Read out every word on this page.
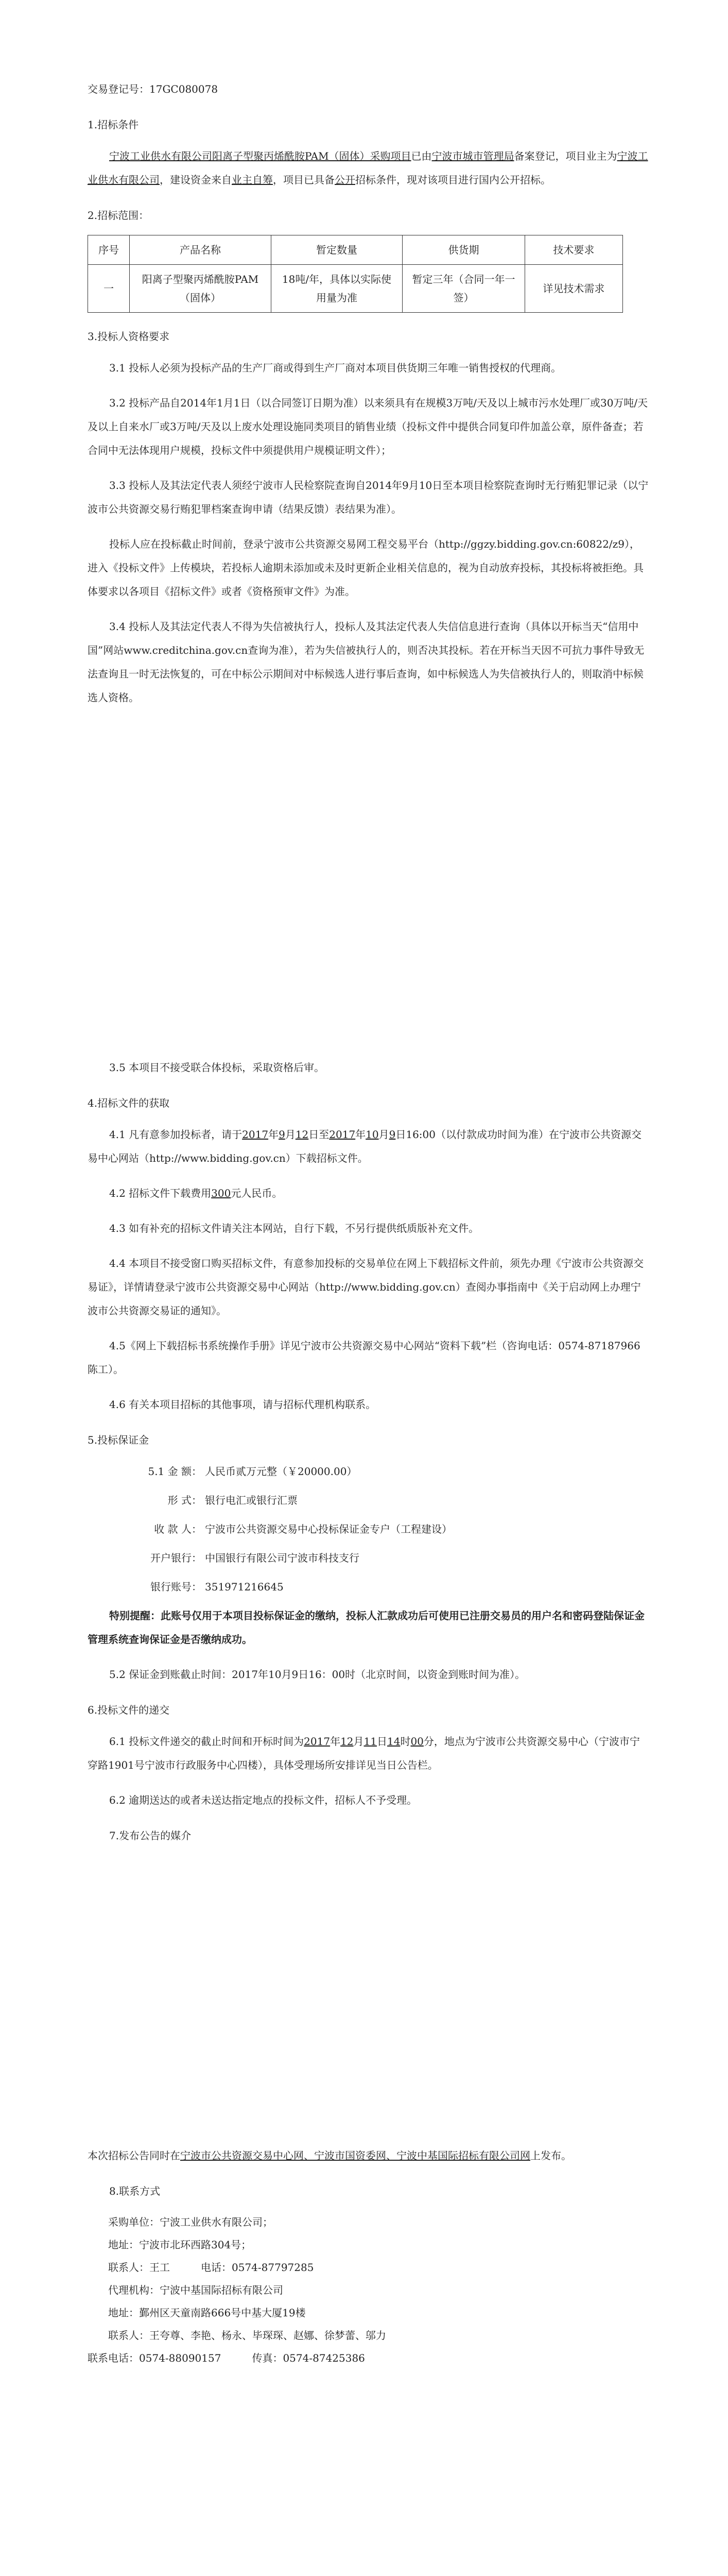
交易登记号：17GC080078

1.招标条件

宁波工业供水有限公司阳离子型聚丙烯酰胺PAM（固体）采购项目已由宁波市城市管理局备案登记，项目业主为宁波工业供水有限公司，建设资金来自业主自筹，项目已具备公开招标条件，现对该项目进行国内公开招标。

2.招标范围：

序号	产品名称	暂定数量	供货期	技术要求
一	阳离子型聚丙烯酰胺PAM（固体）	18吨/年，具体以实际使用量为准	暂定三年（合同一年一签）	详见技术需求

3.投标人资格要求

3.1 投标人必须为投标产品的生产厂商或得到生产厂商对本项目供货期三年唯一销售授权的代理商。

3.2 投标产品自2014年1月1日（以合同签订日期为准）以来须具有在规模3万吨/天及以上城市污水处理厂或30万吨/天及以上自来水厂或3万吨/天及以上废水处理设施同类项目的销售业绩（投标文件中提供合同复印件加盖公章，原件备查；若合同中无法体现用户规模，投标文件中须提供用户规模证明文件）；

3.3 投标人及其法定代表人须经宁波市人民检察院查询自2014年9月10日至本项目检察院查询时无行贿犯罪记录（以宁波市公共资源交易行贿犯罪档案查询申请（结果反馈）表结果为准）。

投标人应在投标截止时间前，登录宁波市公共资源交易网工程交易平台（http://ggzy.bidding.gov.cn:60822/z9），进入《投标文件》上传模块，若投标人逾期未添加或未及时更新企业相关信息的，视为自动放弃投标，其投标将被拒绝。具体要求以各项目《招标文件》或者《资格预审文件》为准。

3.4 投标人及其法定代表人不得为失信被执行人，投标人及其法定代表人失信信息进行查询（具体以开标当天“信用中国”网站www.creditchina.gov.cn查询为准），若为失信被执行人的，则否决其投标。若在开标当天因不可抗力事件导致无法查询且一时无法恢复的，可在中标公示期间对中标候选人进行事后查询，如中标候选人为失信被执行人的，则取消中标候选人资格。

3.5 本项目不接受联合体投标，采取资格后审。

4.招标文件的获取

4.1 凡有意参加投标者，请于2017年9月12日至2017年10月9日16:00（以付款成功时间为准）在宁波市公共资源交易中心网站（http://www.bidding.gov.cn）下载招标文件。

4.2 招标文件下载费用300元人民币。

4.3 如有补充的招标文件请关注本网站，自行下载，不另行提供纸质版补充文件。

4.4 本项目不接受窗口购买招标文件，有意参加投标的交易单位在网上下载招标文件前，须先办理《宁波市公共资源交易证》，详情请登录宁波市公共资源交易中心网站（http://www.bidding.gov.cn）查阅办事指南中《关于启动网上办理宁波市公共资源交易证的通知》。

4.5《网上下载招标书系统操作手册》详见宁波市公共资源交易中心网站“资料下载”栏（咨询电话：0574-87187966 陈工）。

4.6 有关本项目招标的其他事项，请与招标代理机构联系。

5.投标保证金

5.1 金 额： 人民币贰万元整（￥20000.00）

形 式： 银行电汇或银行汇票

收 款 人： 宁波市公共资源交易中心投标保证金专户（工程建设）

开户银行： 中国银行有限公司宁波市科技支行

银行账号： 351971216645

特别提醒：此账号仅用于本项目投标保证金的缴纳，投标人汇款成功后可使用已注册交易员的用户名和密码登陆保证金管理系统查询保证金是否缴纳成功。

5.2 保证金到账截止时间：2017年10月9日16：00时（北京时间，以资金到账时间为准）。

6.投标文件的递交

6.1 投标文件递交的截止时间和开标时间为2017年12月11日14时00分，地点为宁波市公共资源交易中心（宁波市宁穿路1901号宁波市行政服务中心四楼），具体受理场所安排详见当日公告栏。

6.2 逾期送达的或者未送达指定地点的投标文件，招标人不予受理。

7.发布公告的媒介

本次招标公告同时在宁波市公共资源交易中心网、宁波市国资委网、宁波中基国际招标有限公司网上发布。

8.联系方式

采购单位：宁波工业供水有限公司；

地址：宁波市北环西路304号；

联系人：王工	电话：0574-87797285

代理机构：宁波中基国际招标有限公司

地址：鄞州区天童南路666号中基大厦19楼

联系人：王夸尊、李艳、杨永、毕琛琛、赵娜、徐梦蕾、邬力

联系电话：0574-88090157	传真：0574-87425386
